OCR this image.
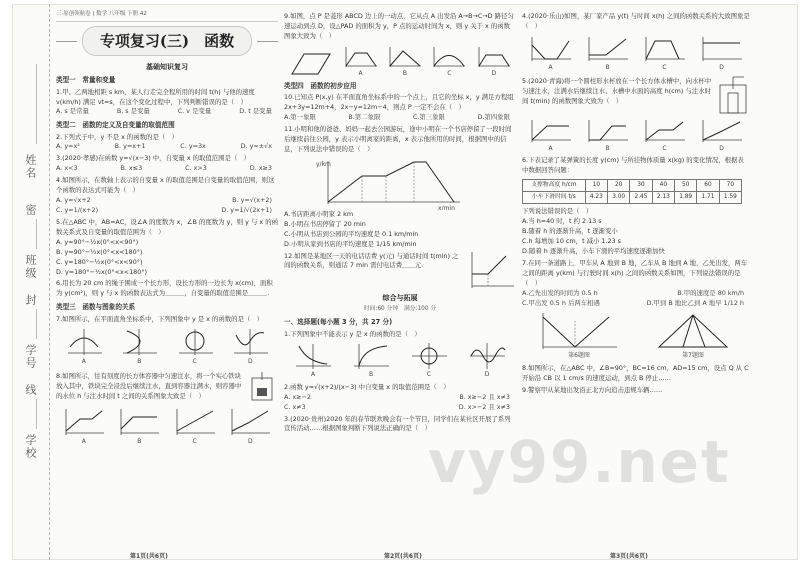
姓名
密
班级
封
学号
线
学校
三·原创领航卷 | 数学 八年级 下册 42
专项复习(三)　函数
基础知识复习
类型一　常量和变量
1.甲、乙两地相距 s km，某人行走完全程所用的时间 t(h) 与他的速度 v(km/h) 满足 vt=s，在这个变化过程中，下列判断错误的是（　）
A. s 是常量	B. s 是变量	C. v 是变量	D. t 是变量
类型二　函数的定义及自变量的取值范围
2.下列式子中，y 不是 x 的函数的是（　）
A. y=x²	B. y=x+1	C. y=3x	D. y=±√x
3.(2020·孝感)在函数 y=√(x−3) 中，自变量 x 的取值范围是（　）
A. x<3	B. x≤3	C. x>3	D. x≥3
4.如图所示，在数轴上表示的自变量 x 的取值范围是自变量的取值范围，则这个函数的表达式可能为（　）
A. y=√x+2	B. y=√(x+2)
C. y=1/(x+2)	D. y=1/√(2x+1)
5.在△ABC 中，AB=AC，设∠A 的度数为 x，∠B 的度数为 y，则 y 与 x 的函数关系式及自变量的取值范围为（　）
A. y=90°−½x(0°<x<90°)
B. y=90°−½x(0°<x<180°)
C. y=180°−½x(0°<x<90°)
D. y=180°−½x(0°<x<180°)
6.用长为 20 cm 的绳子围成一个长方形，设长方形的一边长为 x(cm)，面积为 y(cm²)，则 y 与 x 的函数表达式为＿＿＿，自变量的取值范围是＿＿＿.
类型三　函数与图象的关系
7.如图所示，在平面直角坐标系中，下列图象中 y 是 x 的函数的是（　）
A	B	C	D
8.如图所示，往有刻度的长方体容器中匀速注水，将一个实心铁块放入其中，铁块完全浸没后继续注水，直到容器注满水，则容器中的水位 h 与注水时间 t 之间的关系图象大致是（　）
A	B	C	D
9.如图，点 P 是菱形 ABCD 边上的一动点，它从点 A 出发沿 A→B→C→D 路径匀速运动到点 D，设△PAD 的面积为 y，P 点的运动时间为 x，则 y 关于 x 的函数图象大致为（　）
A	B	C	D
类型四　函数的初步应用
10.已知点 P(x,y) 在平面直角坐标系中的一个点上，且它的坐标 x，y 满足方程组 2x+3y=12m+4，2x−y=12m−4，则点 P 一定不会在（　）
A.第一象限	B.第二象限	C.第三象限	D.第四象限
11.小明和他的爸爸、妈妈一起去公园游玩，途中小明在一个书店停留了一段时间后继续前往公园，y 表示小明离家的距离，x 表示他所用的时间，根据图中的信息，下列说法中错误的是（　）
y/km
x/min
A.书店距离小明家 2 km
B.小明在书店停留了 20 min
C.小明从书店到公园的平均速度是 0.1 km/min
D.小明从家到书店的平均速度是 1/15 km/min
12.如图是某地区一天的电话话费 y(元) 与通话时间 t(min) 之间的函数关系，则通话 7 min 需付电话费＿＿元.
综合与拓展
时间:60 分钟　满分:100 分
一、选择题(每小题 3 分，共 27 分)
1.下列图象中不能表示 y 是 x 的函数的是（　）
A	B	C	D
2.函数 y=√(x+2)/(x−3) 中自变量 x 的取值范围是（　）
A. x≥−2	B. x≥−2 且 x≠3
C. x≠3	D. x>−2 且 x≠3
3.(2020·贵州)2020 年的春节联欢晚会有一个节目，同学们在某社区开展了系列宣传活动……根据图象判断下列说法正确的是（　）
4.(2020·乐山)如图，某厂家产品 y(t) 与时间 x(h) 之间的函数关系的大致图象是（　）
A	B	C	D
5.(2020·青海)将一个圆柱形水杯放在一个长方体水槽中，向水杯中匀速注水，注满水后继续注水，水槽中水面的高度 h(cm) 与注水时间 t(min) 的函数图象大致为（　）
A	B	C	D
6.下表记录了某弹簧的长度 y(cm) 与所挂物体质量 x(kg) 的变化情况，根据表中数据回答问题：
支撑物高度 h/cm	10	20	30	40	50	60	70
小车下滑时间 t/s	4.23	3.00	2.45	2.13	1.89	1.71	1.59
下列说法错误的是（　）
A.当 h=40 时，t 约 2.13 s
B.随着 h 的逐渐升高，t 逐渐变小
C.h 每增加 10 cm，t 减小 1.23 s
D.随着 h 逐渐升高，小车下滑的平均速度逐渐加快
7.在同一条道路上，甲车从 A 地到 B 地，乙车从 B 地到 A 地，乙先出发，两车之间的距离 y(km) 与行驶时间 x(h) 之间的函数关系如图，下列说法错误的是（　）
A.乙先出发的时间为 0.5 h	B.甲的速度是 80 km/h
C.甲出发 0.5 h 后两车相遇	D.甲到 B 地比乙到 A 地早 1/12 h
第6题图	第7题图
8.如图所示，在△ABC 中，∠B=90°，BC=16 cm，AD=15 cm，设点 Q 从 C 开始沿 CB 以 1 cm/s 的速度运动，到点 B 停止……
9.警察甲从某地出发沿正北方向追击违规车辆……
第1页(共6页)	第2页(共6页)	第3页(共6页)
vy99.net
